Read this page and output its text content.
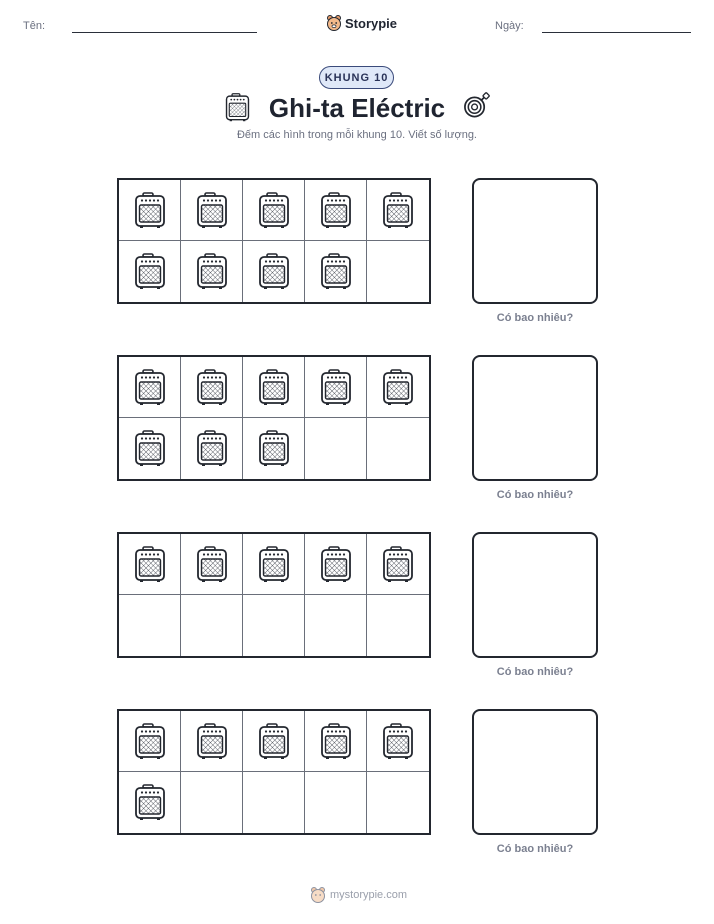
Tên:	Storypie	Ngày:
KHUNG 10
Ghi-ta Eléctric
Đếm các hình trong mỗi khung 10. Viết số lượng.
Có bao nhiêu?
Có bao nhiêu?
Có bao nhiêu?
Có bao nhiêu?
mystorypie.com
